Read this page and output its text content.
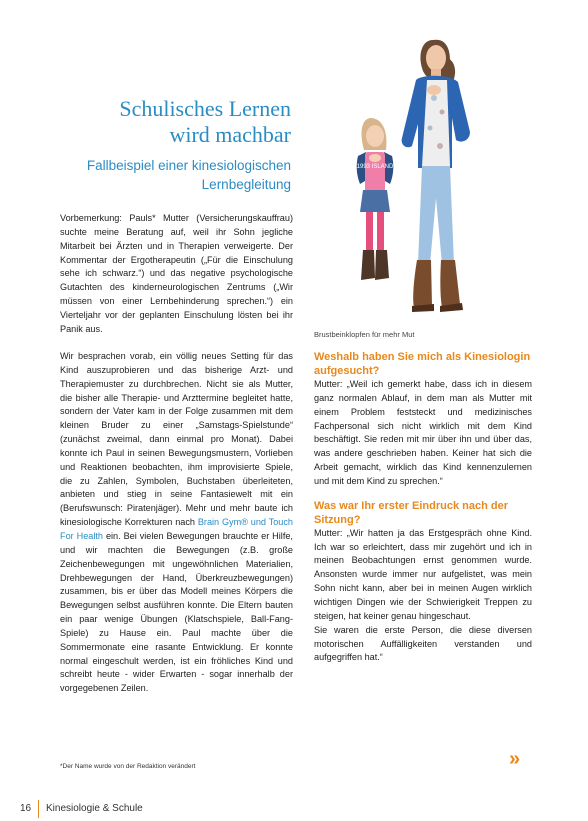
Schulisches Lernen
wird machbar
Fallbeispiel einer kinesiologischen
Lernbegleitung

Vorbemerkung: Pauls* Mutter (Versicherungskauffrau) suchte meine Beratung auf, weil ihr Sohn jegliche Mitarbeit bei Ärzten und in Therapien verweigerte. Der Kommentar der Ergotherapeutin („Für die Einschulung sehe ich schwarz.“) und das negative psychologische Gutachten des kinderneurologischen Zentrums („Wir müssen von einer Lernbehinderung sprechen.“) ein Vierteljahr vor der geplanten Einschulung lösten bei ihr Panik aus.

Wir besprachen vorab, ein völlig neues Setting für das Kind auszuprobieren und das bisherige Arzt- und Therapiemuster zu durchbrechen. Nicht sie als Mutter, die bisher alle Therapie- und Arzttermine begleitet hatte, sondern der Vater kam in der Folge zusammen mit dem kleinen Bruder zu einer „Samstags-Spielstunde“ (zunächst zweimal, dann einmal pro Monat). Dabei konnte ich Paul in seinen Bewegungsmustern, Vorlieben und Reaktionen beobachten, ihm improvisierte Spiele, die zu Zahlen, Symbolen, Buchstaben überleiteten, anbieten und stieg in seine Fantasiewelt mit ein (Berufswunsch: Piratenjäger). Mehr und mehr baute ich kinesiologische Korrekturen nach Brain Gym® und Touch For Health ein. Bei vielen Bewegungen brauchte er Hilfe, und wir machten die Bewegungen (z.B. große Zeichenbewegungen mit ungewöhnlichen Materialien, Drehbewegungen der Hand, Überkreuzbewegungen) zusammen, bis er über das Modell meines Körpers die Bewegungen selbst ausführen konnte. Die Eltern bauten ein paar wenige Übungen (Klatschspiele, Ball-Fang-Spiele) zu Hause ein. Paul machte über die Sommermonate eine rasante Entwicklung. Er konnte normal eingeschult werden, ist ein fröhliches Kind und schreibt heute - wider Erwarten - sogar innerhalb der vorgegebenen Zeilen.

1993 ISLAND
Brustbeinklopfen für mehr Mut
Weshalb haben Sie mich als Kinesiologin aufgesucht?

Mutter: „Weil ich gemerkt habe, dass ich in diesem ganz normalen Ablauf, in dem man als Mutter mit einem Problem feststeckt und medizinisches Fachpersonal sich nicht wirklich mit dem Kind beschäftigt. Sie reden mit mir über ihn und über das, was andere geschrieben haben. Keiner hat sich die Arbeit gemacht, wirklich das Kind kennenzulernen und mit dem Kind zu sprechen.“

Was war Ihr erster Eindruck nach der Sitzung?

Mutter: „Wir hatten ja das Erstgespräch ohne Kind. Ich war so erleichtert, dass mir zugehört und ich in meinen Beobachtungen ernst genommen wurde. Ansonsten wurde immer nur aufgelistet, was mein Sohn nicht kann, aber bei in meinen Augen wirklich wichtigen Dingen wie der Schwierigkeit Treppen zu steigen, hat keiner genau hingeschaut.

Sie waren die erste Person, die diese diversen motorischen Auffälligkeiten verstanden und aufgegriffen hat.“

*Der Name wurde von der Redaktion verändert	»
16 Kinesiologie & Schule
